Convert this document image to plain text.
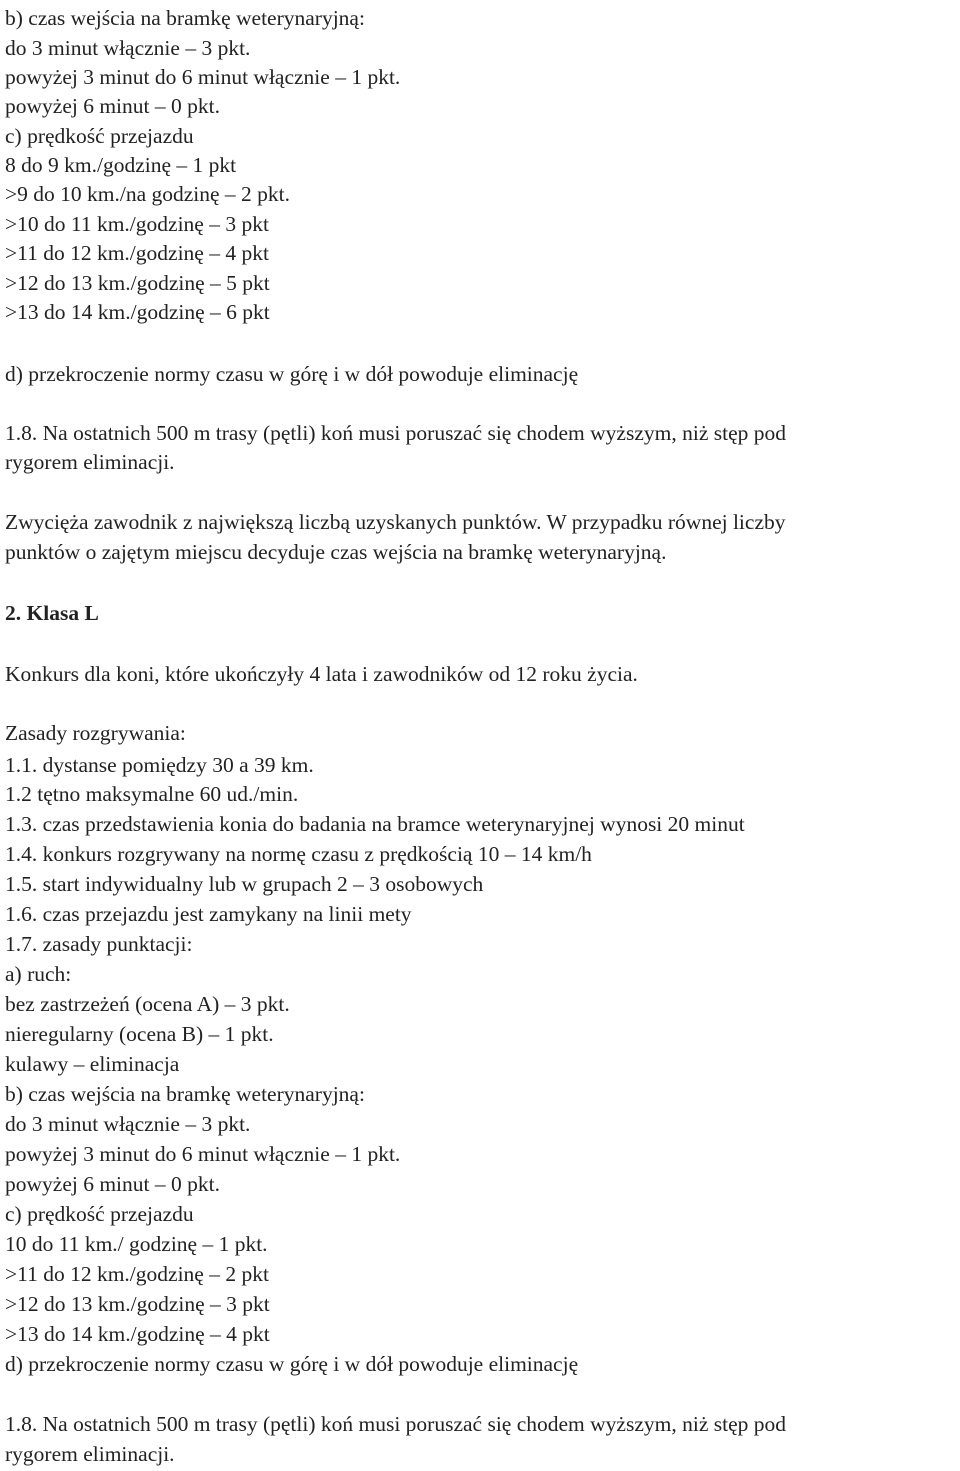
b) czas wejścia na bramkę weterynaryjną:
do 3 minut włącznie – 3 pkt.
powyżej 3 minut do 6 minut włącznie – 1 pkt.
powyżej 6 minut – 0 pkt.
c) prędkość przejazdu
8 do 9 km./godzinę – 1 pkt
>9 do 10 km./na godzinę – 2 pkt.
>10 do 11 km./godzinę – 3 pkt
>11 do 12 km./godzinę – 4 pkt
>12 do 13 km./godzinę – 5 pkt
>13 do 14 km./godzinę – 6 pkt
d) przekroczenie normy czasu w górę i w dół powoduje eliminację
1.8. Na ostatnich 500 m trasy (pętli) koń musi poruszać się chodem wyższym, niż stęp pod
rygorem eliminacji.
Zwycięża zawodnik z największą liczbą uzyskanych punktów. W przypadku równej liczby
punktów o zajętym miejscu decyduje czas wejścia na bramkę weterynaryjną.
2. Klasa L
Konkurs dla koni, które ukończyły 4 lata i zawodników od 12 roku życia.
Zasady rozgrywania:
1.1. dystanse pomiędzy 30 a 39 km.
1.2 tętno maksymalne 60 ud./min.
1.3. czas przedstawienia konia do badania na bramce weterynaryjnej wynosi 20 minut
1.4. konkurs rozgrywany na normę czasu z prędkością 10 – 14 km/h
1.5. start indywidualny lub w grupach 2 – 3 osobowych
1.6. czas przejazdu jest zamykany na linii mety
1.7. zasady punktacji:
a) ruch:
bez zastrzeżeń (ocena A) – 3 pkt.
nieregularny (ocena B) – 1 pkt.
kulawy – eliminacja
b) czas wejścia na bramkę weterynaryjną:
do 3 minut włącznie – 3 pkt.
powyżej 3 minut do 6 minut włącznie – 1 pkt.
powyżej 6 minut – 0 pkt.
c) prędkość przejazdu
10 do 11 km./ godzinę – 1 pkt.
>11 do 12 km./godzinę – 2 pkt
>12 do 13 km./godzinę – 3 pkt
>13 do 14 km./godzinę – 4 pkt
d) przekroczenie normy czasu w górę i w dół powoduje eliminację
1.8. Na ostatnich 500 m trasy (pętli) koń musi poruszać się chodem wyższym, niż stęp pod
rygorem eliminacji.
